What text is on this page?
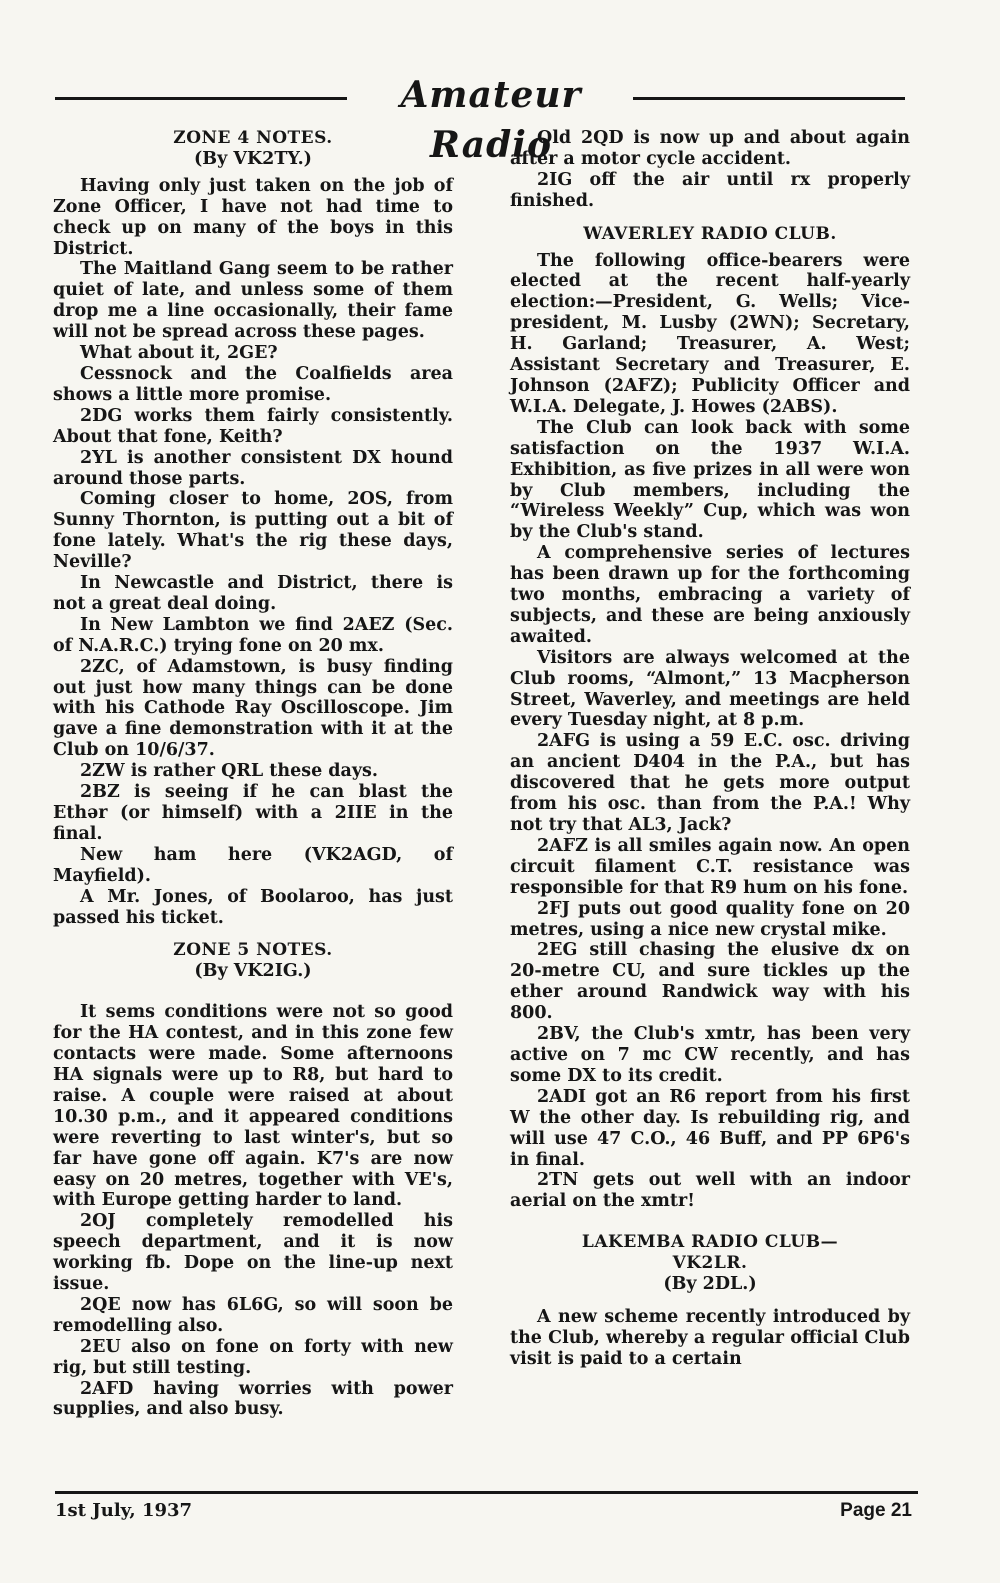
Amateur Radio
ZONE 4 NOTES.
(By VK2TY.)

Having only just taken on the job of Zone Officer, I have not had time to check up on many of the boys in this District.

The Maitland Gang seem to be rather quiet of late, and unless some of them drop me a line occasionally, their fame will not be spread across these pages.

What about it, 2GE?

Cessnock and the Coalfields area shows a little more promise.

2DG works them fairly consistently. About that fone, Keith?

2YL is another consistent DX hound around those parts.

Coming closer to home, 2OS, from Sunny Thornton, is putting out a bit of fone lately. What's the rig these days, Neville?

In Newcastle and District, there is not a great deal doing.

In New Lambton we find 2AEZ (Sec. of N.A.R.C.) trying fone on 20 mx.

2ZC, of Adamstown, is busy finding out just how many things can be done with his Cathode Ray Oscilloscope. Jim gave a fine demonstration with it at the Club on 10/6/37.

2ZW is rather QRL these days.

2BZ is seeing if he can blast the Ethər (or himself) with a 2IIE in the final.

New ham here (VK2AGD, of Mayfield).

A Mr. Jones, of Boolaroo, has just passed his ticket.

ZONE 5 NOTES.
(By VK2IG.)

It sems conditions were not so good for the HA contest, and in this zone few contacts were made. Some afternoons HA signals were up to R8, but hard to raise. A couple were raised at about 10.30 p.m., and it appeared conditions were reverting to last winter's, but so far have gone off again. K7's are now easy on 20 metres, together with VE's, with Europe getting harder to land.

2OJ completely remodelled his speech department, and it is now working fb. Dope on the line-up next issue.

2QE now has 6L6G, so will soon be remodelling also.

2EU also on fone on forty with new rig, but still testing.

2AFD having worries with power supplies, and also busy.

Old 2QD is now up and about again after a motor cycle accident.

2IG off the air until rx properly finished.

WAVERLEY RADIO CLUB.

The following office-bearers were elected at the recent half-yearly election:—President, G. Wells; Vice-president, M. Lusby (2WN); Secretary, H. Garland; Treasurer, A. West; Assistant Secretary and Treasurer, E. Johnson (2AFZ); Publicity Officer and W.I.A. Delegate, J. Howes (2ABS).

The Club can look back with some satisfaction on the 1937 W.I.A. Exhibition, as five prizes in all were won by Club members, including the “Wireless Weekly” Cup, which was won by the Club's stand.

A comprehensive series of lectures has been drawn up for the forthcoming two months, embracing a variety of subjects, and these are being anxiously awaited.

Visitors are always welcomed at the Club rooms, “Almont,” 13 Macpherson Street, Waverley, and meetings are held every Tuesday night, at 8 p.m.

2AFG is using a 59 E.C. osc. driving an ancient D404 in the P.A., but has discovered that he gets more output from his osc. than from the P.A.! Why not try that AL3, Jack?

2AFZ is all smiles again now. An open circuit filament C.T. resistance was responsible for that R9 hum on his fone.

2FJ puts out good quality fone on 20 metres, using a nice new crystal mike.

2EG still chasing the elusive dx on 20-metre CU, and sure tickles up the ether around Randwick way with his 800.

2BV, the Club's xmtr, has been very active on 7 mc CW recently, and has some DX to its credit.

2ADI got an R6 report from his first W the other day. Is rebuilding rig, and will use 47 C.O., 46 Buff, and PP 6P6's in final.

2TN gets out well with an indoor aerial on the xmtr!

LAKEMBA RADIO CLUB—
VK2LR.
(By 2DL.)

A new scheme recently introduced by the Club, whereby a regular official Club visit is paid to a certain

1st July, 1937	Page 21
